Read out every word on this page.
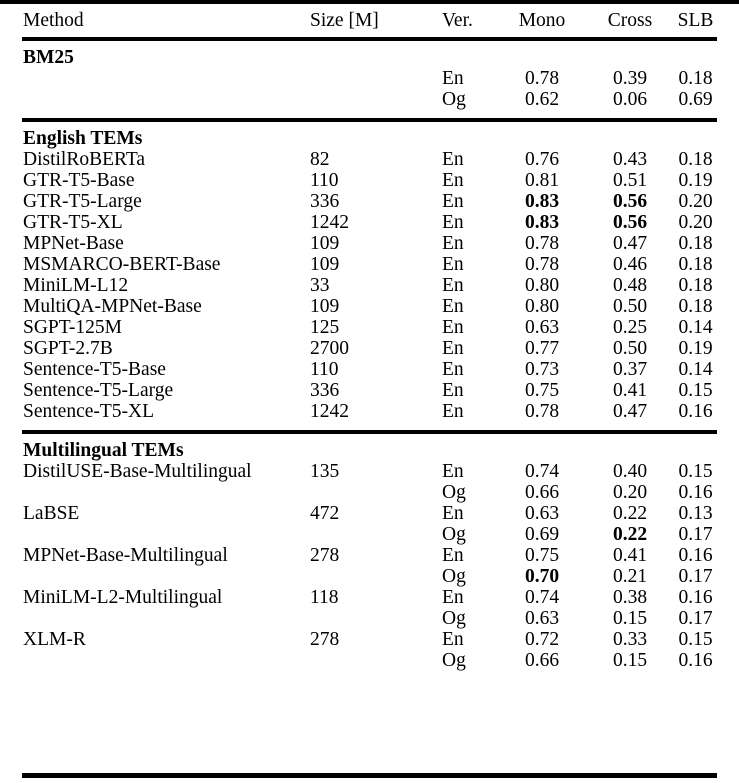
Method	Size [M]	Ver.	Mono	Cross	SLB

BM25					
		En	0.78	0.39	0.18
		Og	0.62	0.06	0.69

English TEMs					
DistilRoBERTa	82	En	0.76	0.43	0.18
GTR-T5-Base	110	En	0.81	0.51	0.19
GTR-T5-Large	336	En	0.83	0.56	0.20
GTR-T5-XL	1242	En	0.83	0.56	0.20
MPNet-Base	109	En	0.78	0.47	0.18
MSMARCO-BERT-Base	109	En	0.78	0.46	0.18
MiniLM-L12	33	En	0.80	0.48	0.18
MultiQA-MPNet-Base	109	En	0.80	0.50	0.18
SGPT-125M	125	En	0.63	0.25	0.14
SGPT-2.7B	2700	En	0.77	0.50	0.19
Sentence-T5-Base	110	En	0.73	0.37	0.14
Sentence-T5-Large	336	En	0.75	0.41	0.15
Sentence-T5-XL	1242	En	0.78	0.47	0.16

Multilingual TEMs					
DistilUSE-Base-Multilingual	135	En	0.74	0.40	0.15
		Og	0.66	0.20	0.16
LaBSE	472	En	0.63	0.22	0.13
		Og	0.69	0.22	0.17
MPNet-Base-Multilingual	278	En	0.75	0.41	0.16
		Og	0.70	0.21	0.17
MiniLM-L2-Multilingual	118	En	0.74	0.38	0.16
		Og	0.63	0.15	0.17
XLM-R	278	En	0.72	0.33	0.15
		Og	0.66	0.15	0.16
